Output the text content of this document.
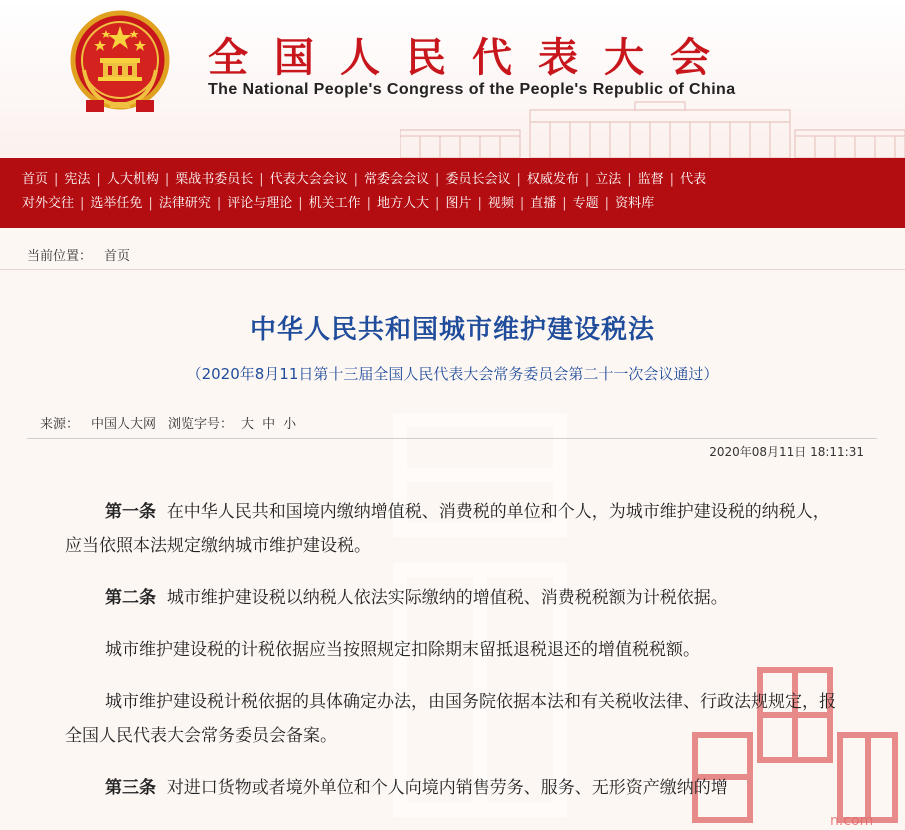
全国人民代表大会
The National People's Congress of the People's Republic of China
首页 | 宪法 | 人大机构 | 栗战书委员长 | 代表大会会议 | 常委会会议 | 委员长会议 | 权威发布 | 立法 | 监督 | 代表
对外交往 | 选举任免 | 法律研究 | 评论与理论 | 机关工作 | 地方人大 | 图片 | 视频 | 直播 | 专题 | 资料库
当前位置： 首页
n.com
中华人民共和国城市维护建设税法
（2020年8月11日第十三届全国人民代表大会常务委员会第二十一次会议通过）
来源： 中国人大网 浏览字号： 大 中 小
2020年08月11日 18:11:31

第一条 在中华人民共和国境内缴纳增值税、消费税的单位和个人，为城市维护建设税的纳税人，应当依照本法规定缴纳城市维护建设税。

第二条 城市维护建设税以纳税人依法实际缴纳的增值税、消费税税额为计税依据。

城市维护建设税的计税依据应当按照规定扣除期末留抵退税退还的增值税税额。

城市维护建设税计税依据的具体确定办法，由国务院依据本法和有关税收法律、行政法规规定，报全国人民代表大会常务委员会备案。

第三条 对进口货物或者境外单位和个人向境内销售劳务、服务、无形资产缴纳的增
